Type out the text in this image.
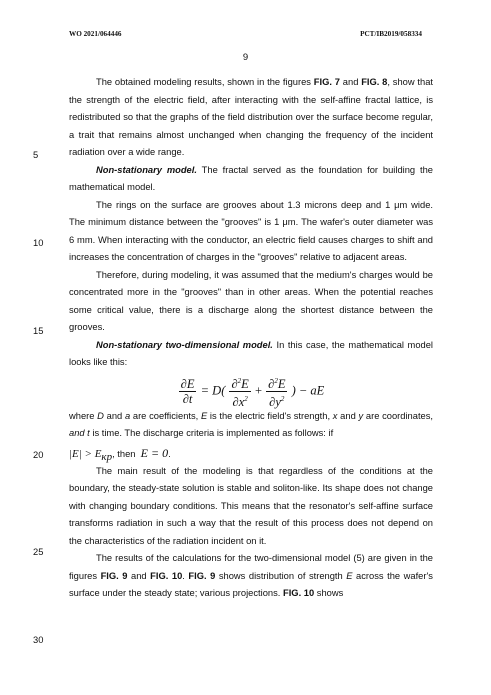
WO 2021/064446	PCT/IB2019/058334
9
5
10
15
20
25
30

The obtained modeling results, shown in the figures FIG. 7 and FIG. 8, show that the strength of the electric field, after interacting with the self-affine fractal lattice, is redistributed so that the graphs of the field distribution over the surface become regular, a trait that remains almost unchanged when changing the frequency of the incident radiation over a wide range.

Non-stationary model. The fractal served as the foundation for building the mathematical model.

The rings on the surface are grooves about 1.3 microns deep and 1 μm wide. The minimum distance between the "grooves" is 1 μm. The wafer's outer diameter was 6 mm. When interacting with the conductor, an electric field causes charges to shift and increases the concentration of charges in the "grooves" relative to adjacent areas.

Therefore, during modeling, it was assumed that the medium's charges would be concentrated more in the "grooves" than in other areas. When the potential reaches some critical value, there is a discharge along the shortest distance between the grooves.

Non-stationary two-dimensional model. In this case, the mathematical model looks like this:

$\frac{\partial E}{\partial t} = D( \frac{\partial^2E}{\partial x^2} + \frac{\partial^2E}{\partial y^2}$ ) − aE

where D and a are coefficients, E is the electric field's strength, x and y are coordinates, and t is time. The discharge criteria is implemented as follows: if

$|E| > E_{кр}$, then E = 0.

The main result of the modeling is that regardless of the conditions at the boundary, the steady-state solution is stable and soliton-like. Its shape does not change with changing boundary conditions. This means that the resonator's self-affine surface transforms radiation in such a way that the result of this process does not depend on the characteristics of the radiation incident on it.

The results of the calculations for the two-dimensional model (5) are given in the figures FIG. 9 and FIG. 10. FIG. 9 shows distribution of strength E across the wafer's surface under the steady state; various projections. FIG. 10 shows
